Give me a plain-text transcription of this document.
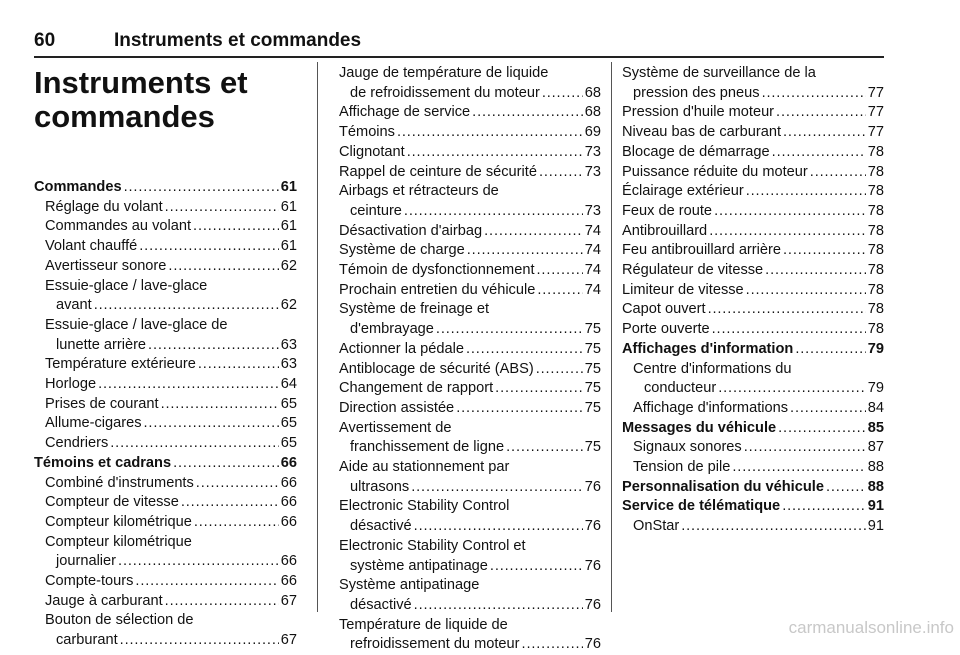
60	Instruments et commandes
Instruments et
commandes
Commandes . . .	61
Réglage du volant . . .	61
Commandes au volant . . .	61
Volant chauffé . . .	61
Avertisseur sonore . . .	62
Essuie-glace / lave-glace
avant . . .	62
Essuie-glace / lave-glace de
lunette arrière . . .	63
Température extérieure . . .	63
Horloge . . .	64
Prises de courant . . .	65
Allume-cigares . . .	65
Cendriers . . .	65
Témoins et cadrans . . .	66
Combiné d'instruments . . .	66
Compteur de vitesse . . .	66
Compteur kilométrique . . .	66
Compteur kilométrique
journalier . . .	66
Compte-tours . . .	66
Jauge à carburant . . .	67
Bouton de sélection de
carburant . . .	67
Jauge de température de liquide
de refroidissement du moteur . . .	68
Affichage de service . . .	68
Témoins . . .	69
Clignotant . . .	73
Rappel de ceinture de sécurité . . .	73
Airbags et rétracteurs de
ceinture . . .	73
Désactivation d'airbag . . .	74
Système de charge . . .	74
Témoin de dysfonctionnement . . .	74
Prochain entretien du véhicule . . .	74
Système de freinage et
d'embrayage . . .	75
Actionner la pédale . . .	75
Antiblocage de sécurité (ABS) . . .	75
Changement de rapport . . .	75
Direction assistée . . .	75
Avertissement de
franchissement de ligne . . .	75
Aide au stationnement par
ultrasons . . .	76
Electronic Stability Control
désactivé . . .	76
Electronic Stability Control et
système antipatinage . . .	76
Système antipatinage
désactivé . . .	76
Température de liquide de
refroidissement du moteur . . .	76
Système de surveillance de la
pression des pneus . . .	77
Pression d'huile moteur . . .	77
Niveau bas de carburant . . .	77
Blocage de démarrage . . .	78
Puissance réduite du moteur . . .	78
Éclairage extérieur . . .	78
Feux de route . . .	78
Antibrouillard . . .	78
Feu antibrouillard arrière . . .	78
Régulateur de vitesse . . .	78
Limiteur de vitesse . . .	78
Capot ouvert . . .	78
Porte ouverte . . .	78
Affichages d'information . . .	79
Centre d'informations du
conducteur . . .	79
Affichage d'informations . . .	84
Messages du véhicule . . .	85
Signaux sonores . . .	87
Tension de pile . . .	88
Personnalisation du véhicule . . .	88
Service de télématique . . .	91
OnStar . . .	91
carmanualsonline.info
